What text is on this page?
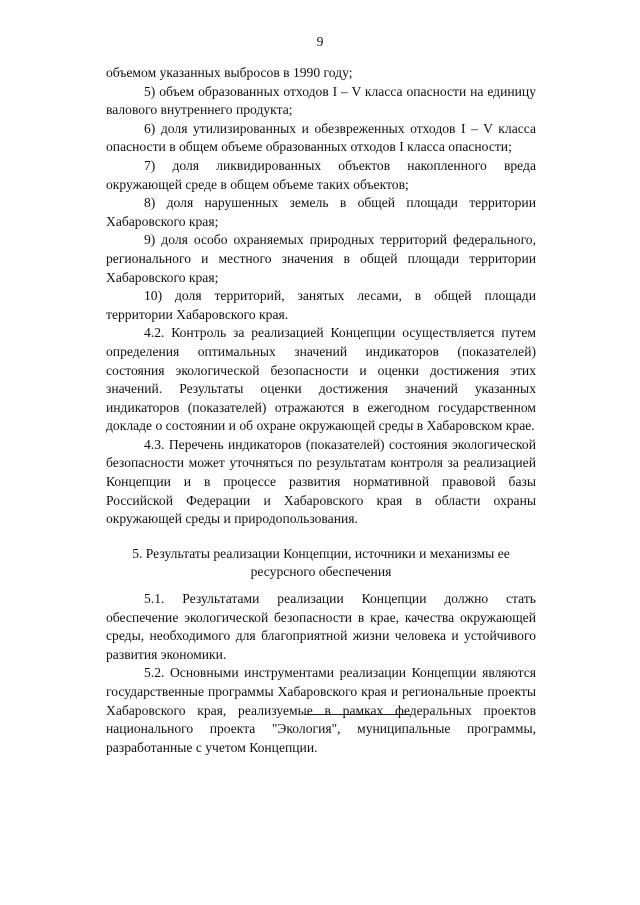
9

объемом указанных выбросов в 1990 году;

5) объем образованных отходов I – V класса опасности на единицу валового внутреннего продукта;

6) доля утилизированных и обезвреженных отходов I – V класса опасности в общем объеме образованных отходов I класса опасности;

7) доля ликвидированных объектов накопленного вреда окружающей среде в общем объеме таких объектов;

8) доля нарушенных земель в общей площади территории Хабаровского края;

9) доля особо охраняемых природных территорий федерального, регионального и местного значения в общей площади территории Хабаровского края;

10) доля территорий, занятых лесами, в общей площади территории Хабаровского края.

4.2. Контроль за реализацией Концепции осуществляется путем определения оптимальных значений индикаторов (показателей) состояния экологической безопасности и оценки достижения этих значений. Результаты оценки достижения значений указанных индикаторов (показателей) отражаются в ежегодном государственном докладе о состоянии и об охране окружающей среды в Хабаровском крае.

4.3. Перечень индикаторов (показателей) состояния экологической безопасности может уточняться по результатам контроля за реализацией Концепции и в процессе развития нормативной правовой базы Российской Федерации и Хабаровского края в области охраны окружающей среды и природопользования.

5. Результаты реализации Концепции, источники и механизмы ее ресурсного обеспечения

5.1. Результатами реализации Концепции должно стать обеспечение экологической безопасности в крае, качества окружающей среды, необходимого для благоприятной жизни человека и устойчивого развития экономики.

5.2. Основными инструментами реализации Концепции являются государственные программы Хабаровского края и региональные проекты Хабаровского края, реализуемые в рамках федеральных проектов национального проекта "Экология", муниципальные программы, разработанные с учетом Концепции.
